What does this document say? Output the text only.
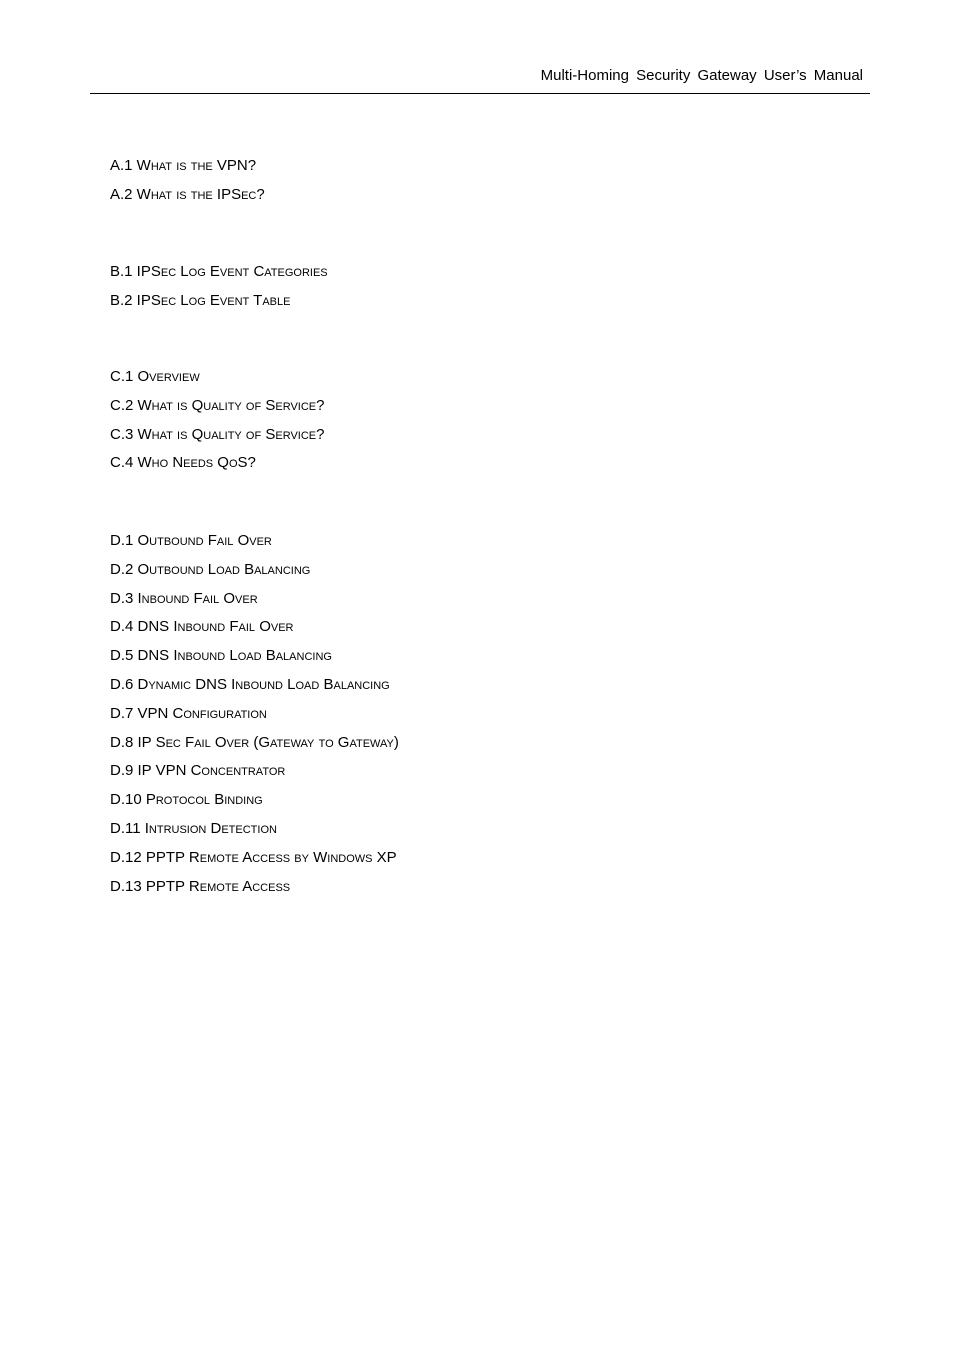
Multi-Homing Security Gateway User’s Manual
A.1 What is the VPN?
A.2 What is the IPSec?
B.1 IPSec Log Event Categories
B.2 IPSec Log Event Table
C.1 Overview
C.2 What is Quality of Service?
C.3 What is Quality of Service?
C.4 Who Needs QoS?
D.1 Outbound Fail Over
D.2 Outbound Load Balancing
D.3 Inbound Fail Over
D.4 DNS Inbound Fail Over
D.5 DNS Inbound Load Balancing
D.6 Dynamic DNS Inbound Load Balancing
D.7 VPN Configuration
D.8 IP Sec Fail Over (Gateway to Gateway)
D.9 IP VPN Concentrator
D.10 Protocol Binding
D.11 Intrusion Detection
D.12 PPTP Remote Access by Windows XP
D.13 PPTP Remote Access
